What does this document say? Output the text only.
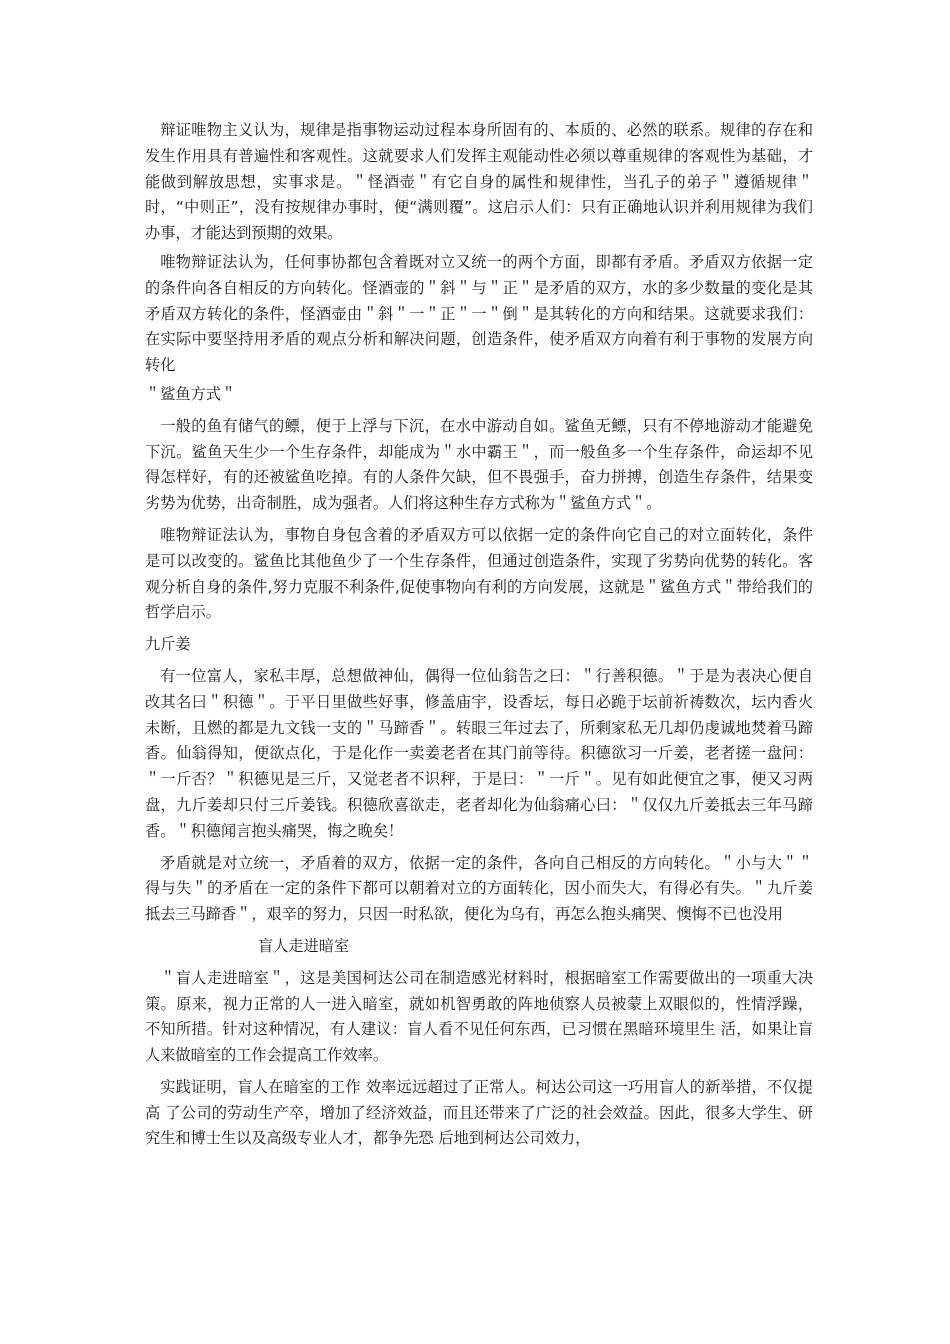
辩证唯物主义认为，规律是指事物运动过程本身所固有的、本质的、必然的联系。规律的存在和发生作用具有普遍性和客观性。这就要求人们发挥主观能动性必须以尊重规律的客观性为基础，才能做到解放思想，实事求是。＂怪酒壶＂有它自身的属性和规律性，当孔子的弟子＂遵循规律＂时，“中则正”，没有按规律办事时，便“满则覆”。这启示人们：只有正确地认识并利用规律为我们办事，才能达到预期的效果。

唯物辩证法认为，任何事协都包含着既对立又统一的两个方面，即都有矛盾。矛盾双方依据一定的条件向各自相反的方向转化。怪酒壶的＂斜＂与＂正＂是矛盾的双方，水的多少数量的变化是其矛盾双方转化的条件，怪酒壶由＂斜＂一＂正＂一＂倒＂是其转化的方向和结果。这就要求我们：在实际中要坚持用矛盾的观点分析和解决问题，创造条件，使矛盾双方向着有利于事物的发展方向转化

＂鲨鱼方式＂

一般的鱼有储气的鳔，便于上浮与下沉，在水中游动自如。鲨鱼无鳔，只有不停地游动才能避免下沉。鲨鱼天生少一个生存条件，却能成为＂水中霸王＂，而一般鱼多一个生存条件，命运却不见得怎样好，有的还被鲨鱼吃掉。有的人条件欠缺，但不畏强手，奋力拼搏，创造生存条件，结果变劣势为优势，出奇制胜，成为强者。人们将这种生存方式称为＂鲨鱼方式＂。

唯物辩证法认为，事物自身包含着的矛盾双方可以依据一定的条件向它自己的对立面转化，条件是可以改变的。鲨鱼比其他鱼少了一个生存条件，但通过创造条件，实现了劣势向优势的转化。客观分析自身的条件,努力克服不利条件,促使事物向有利的方向发展，这就是＂鲨鱼方式＂带给我们的哲学启示。

九斤姜

有一位富人，家私丰厚，总想做神仙，偶得一位仙翁告之曰：＂行善积德。＂于是为表决心便自改其名曰＂积德＂。于平日里做些好事，修盖庙宇，设香坛，每日必跪于坛前祈祷数次，坛内香火未断，且燃的都是九文钱一支的＂马蹄香＂。转眼三年过去了，所剩家私无几却仍虔诚地焚着马蹄香。仙翁得知，便欲点化，于是化作一卖姜老者在其门前等待。积德欲习一斤姜，老者搓一盘问：＂一斤否？＂积德见是三斤，又觉老者不识秤，于是曰：＂一斤＂。见有如此便宜之事，便又习两盘，九斤姜却只付三斤姜钱。积德欣喜欲走，老者却化为仙翁痛心曰：＂仅仅九斤姜抵去三年马蹄香。＂积德闻言抱头痛哭，悔之晚矣！

矛盾就是对立统一，矛盾着的双方，依据一定的条件，各向自己相反的方向转化。＂小与大＂＂得与失＂的矛盾在一定的条件下都可以朝着对立的方面转化，因小而失大，有得必有失。＂九斤姜抵去三马蹄香＂，艰辛的努力，只因一时私欲，便化为乌有，再怎么抱头痛哭、懊悔不已也没用

盲人走进暗室

＂盲人走进暗室＂，这是美国柯达公司在制造感光材料时，根据暗室工作需要做出的一项重大决策。原来，视力正常的人一进入暗室，就如机智勇敢的阵地侦察人员被蒙上双眼似的，性情浮躁，不知所措。针对这种情况，有人建议：盲人看不见任何东西，已习惯在黑暗环境里生 活，如果让盲人来做暗室的工作会提高工作效率。

实践证明，盲人在暗室的工作 效率远远超过了正常人。柯达公司这一巧用盲人的新举措，不仅提高 了公司的劳动生产卒，增加了经济效益，而且还带来了广泛的社会效益。因此，很多大学生、研究生和博士生以及高级专业人才，都争先恐 后地到柯达公司效力，
